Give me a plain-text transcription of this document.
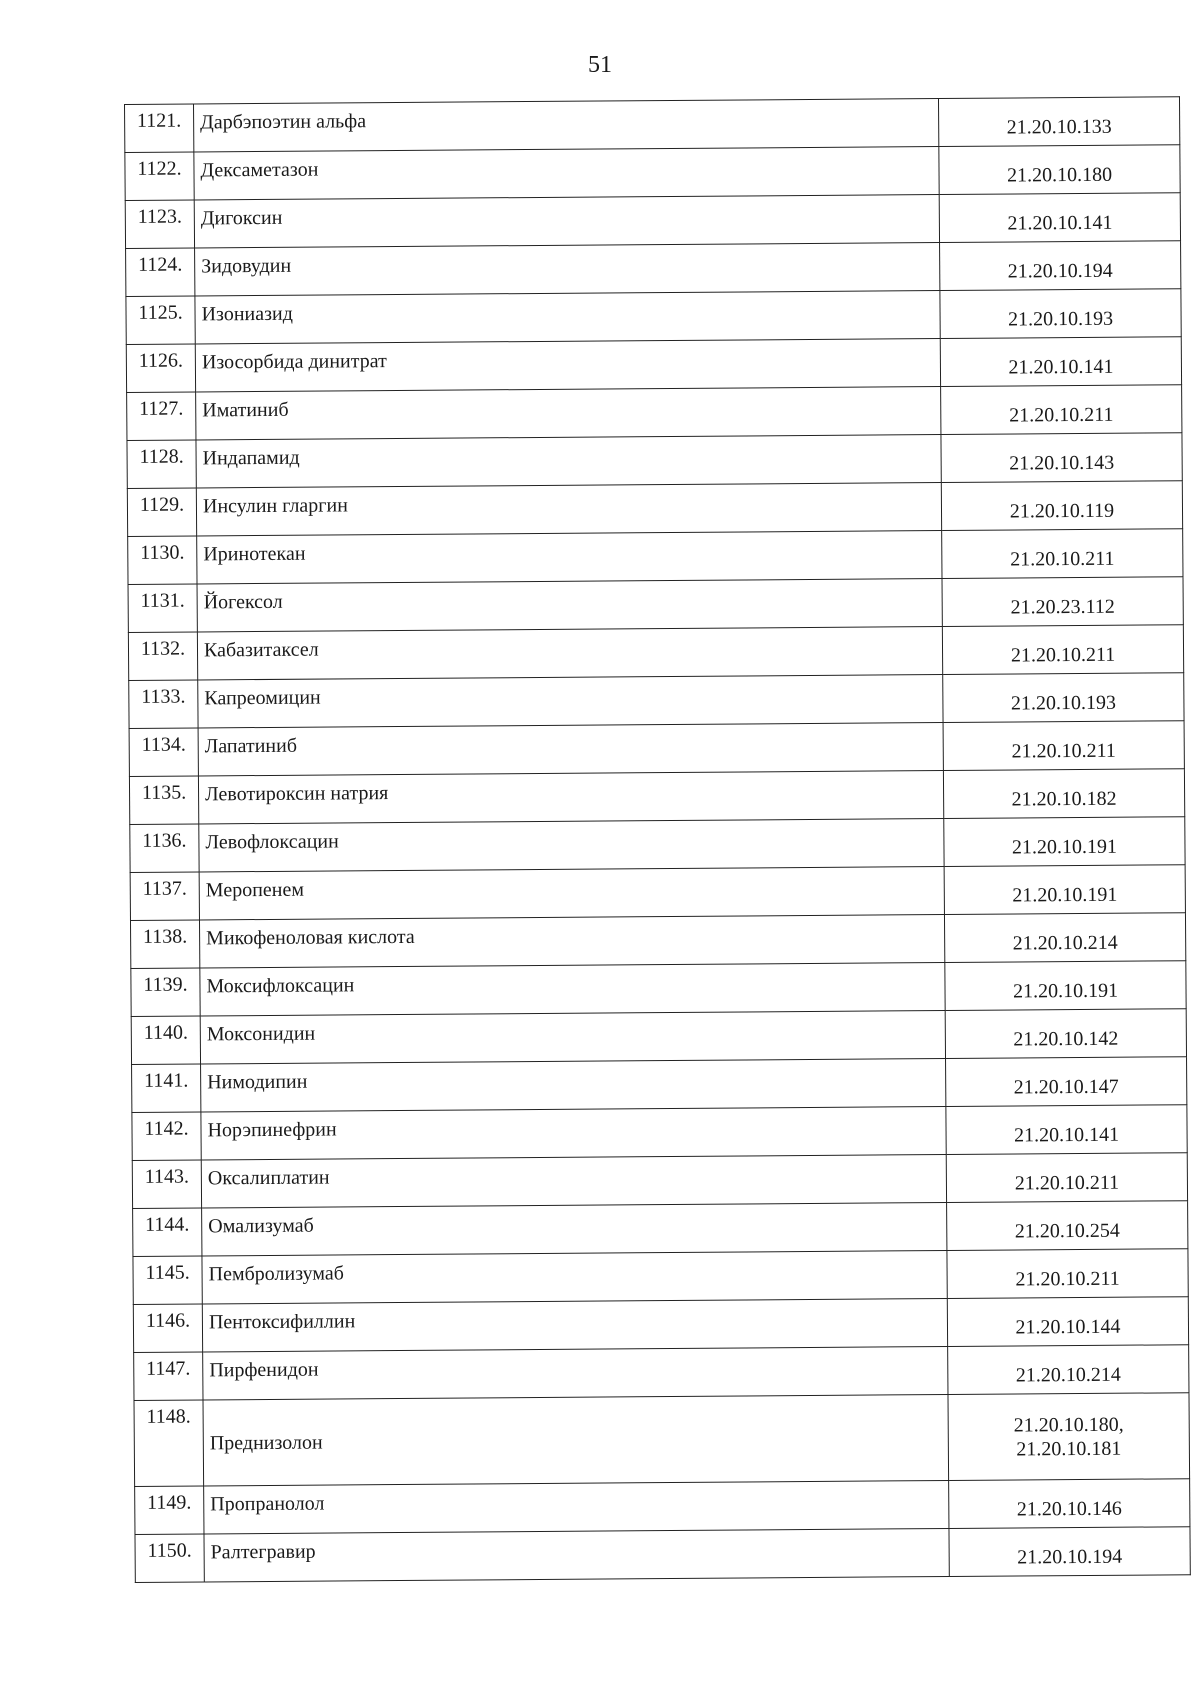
51
1121.	Дарбэпоэтин альфа	21.20.10.133

1122.	Дексаметазон	21.20.10.180

1123.	Дигоксин	21.20.10.141

1124.	Зидовудин	21.20.10.194

1125.	Изониазид	21.20.10.193

1126.	Изосорбида динитрат	21.20.10.141

1127.	Иматиниб	21.20.10.211

1128.	Индапамид	21.20.10.143

1129.	Инсулин гларгин	21.20.10.119

1130.	Иринотекан	21.20.10.211

1131.	Йогексол	21.20.23.112

1132.	Кабазитаксел	21.20.10.211

1133.	Капреомицин	21.20.10.193

1134.	Лапатиниб	21.20.10.211

1135.	Левотироксин натрия	21.20.10.182

1136.	Левофлоксацин	21.20.10.191

1137.	Меропенем	21.20.10.191

1138.	Микофеноловая кислота	21.20.10.214

1139.	Моксифлоксацин	21.20.10.191

1140.	Моксонидин	21.20.10.142

1141.	Нимодипин	21.20.10.147

1142.	Норэпинефрин	21.20.10.141

1143.	Оксалиплатин	21.20.10.211

1144.	Омализумаб	21.20.10.254

1145.	Пембролизумаб	21.20.10.211

1146.	Пентоксифиллин	21.20.10.144

1147.	Пирфенидон	21.20.10.214

1148.	Преднизолон	21.20.10.180,
21.20.10.181

1149.	Пропранолол	21.20.10.146

1150.	Ралтегравир	21.20.10.194
